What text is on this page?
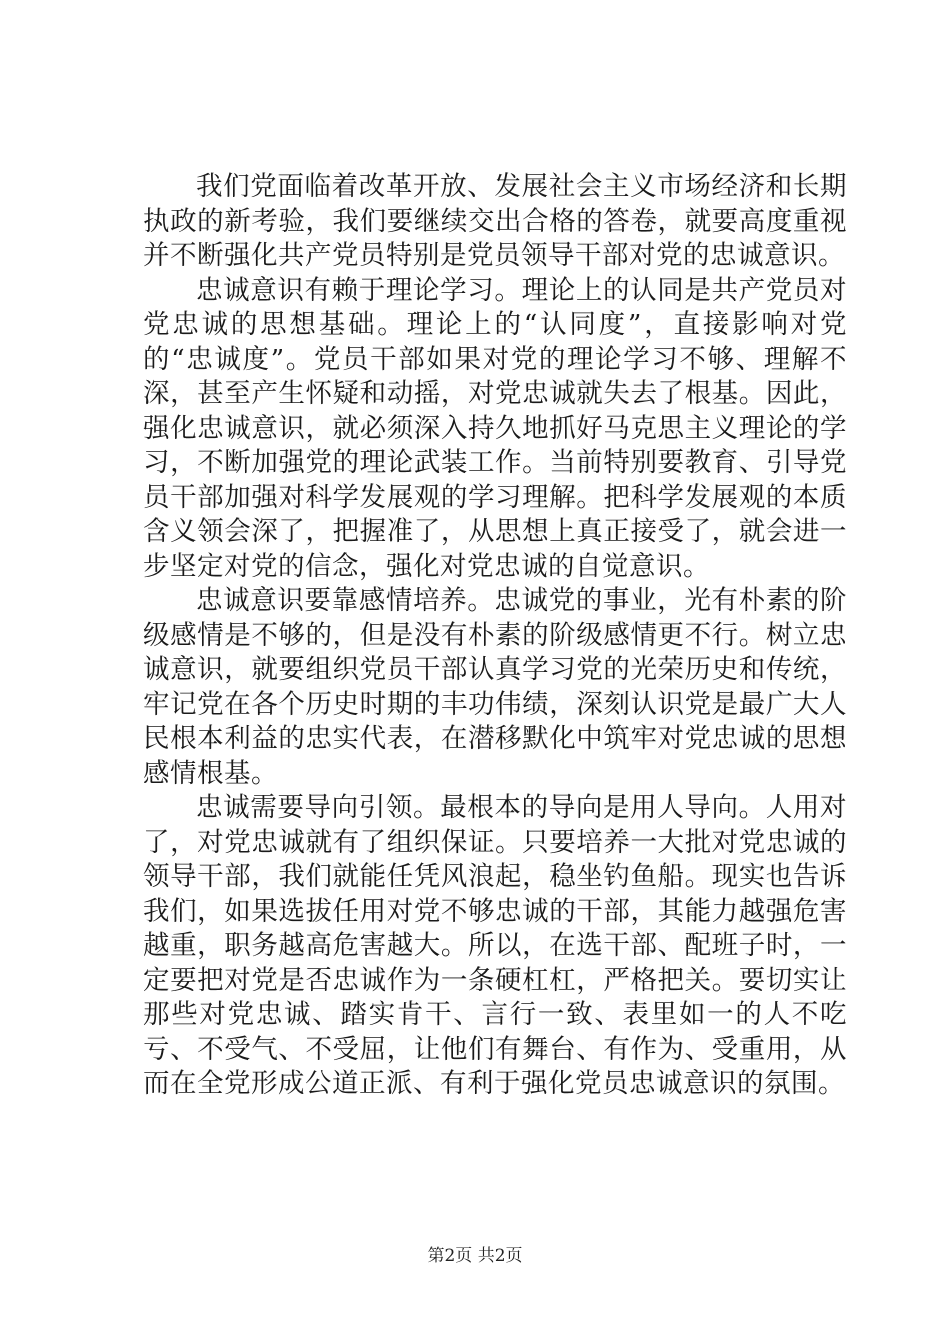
我们党面临着改革开放、发展社会主义市场经济和长期执政的新考验，我们要继续交出合格的答卷，就要高度重视并不断强化共产党员特别是党员领导干部对党的忠诚意识。

忠诚意识有赖于理论学习。理论上的认同是共产党员对党忠诚的思想基础。理论上的“认同度”，直接影响对党的“忠诚度”。党员干部如果对党的理论学习不够、理解不深，甚至产生怀疑和动摇，对党忠诚就失去了根基。因此，强化忠诚意识，就必须深入持久地抓好马克思主义理论的学习，不断加强党的理论武装工作。当前特别要教育、引导党员干部加强对科学发展观的学习理解。把科学发展观的本质含义领会深了，把握准了，从思想上真正接受了，就会进一步坚定对党的信念，强化对党忠诚的自觉意识。

忠诚意识要靠感情培养。忠诚党的事业，光有朴素的阶级感情是不够的，但是没有朴素的阶级感情更不行。树立忠诚意识，就要组织党员干部认真学习党的光荣历史和传统，牢记党在各个历史时期的丰功伟绩，深刻认识党是最广大人民根本利益的忠实代表，在潜移默化中筑牢对党忠诚的思想感情根基。

忠诚需要导向引领。最根本的导向是用人导向。人用对了，对党忠诚就有了组织保证。只要培养一大批对党忠诚的领导干部，我们就能任凭风浪起，稳坐钓鱼船。现实也告诉我们，如果选拔任用对党不够忠诚的干部，其能力越强危害越重，职务越高危害越大。所以，在选干部、配班子时，一定要把对党是否忠诚作为一条硬杠杠，严格把关。要切实让那些对党忠诚、踏实肯干、言行一致、表里如一的人不吃亏、不受气、不受屈，让他们有舞台、有作为、受重用，从而在全党形成公道正派、有利于强化党员忠诚意识的氛围。

第2页 共2页
